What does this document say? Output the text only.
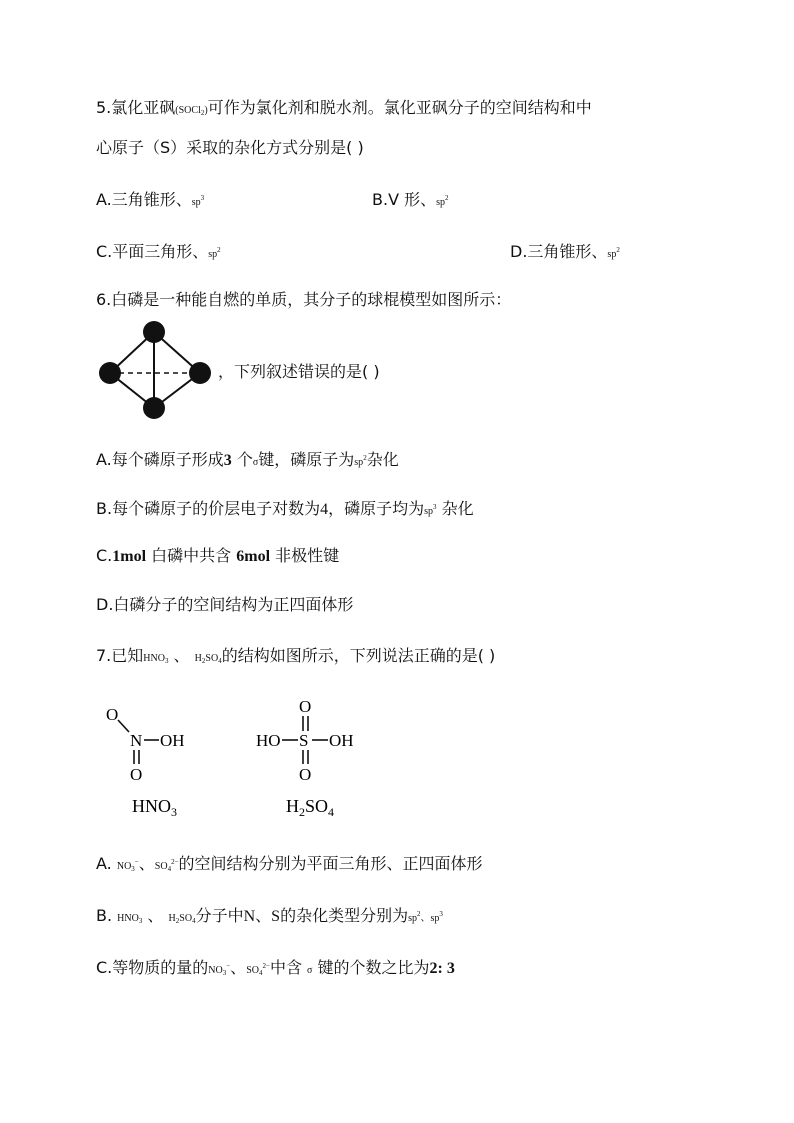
5.氯化亚砜(SOCl$_2$)可作为氯化剂和脱水剂。氯化亚砜分子的空间结构和中
心原子（S）采取的杂化方式分别是( )
A.三角锥形、$sp^3$	B.V 形、$sp^2$
C.平面三角形、$sp^2$	D.三角锥形、$sp^2$
6.白磷是一种能自燃的单质，其分子的球棍模型如图所示：
，下列叙述错误的是( )
A.每个磷原子形成3 个σ键，磷原子为$sp^2$杂化
B.每个磷原子的价层电子对数为4，磷原子均为$sp^3$ 杂化
C.1mol 白磷中共含 6mol 非极性键
D.白磷分子的空间结构为正四面体形
7.已知$HNO_3$ 、 $H_2SO_4$的结构如图所示，下列说法正确的是( )
O
N OH
O
$HNO_3$
O
HO S OH
O
$H_2SO_4$
A. $NO_3^-$、$SO_4^{2-}$的空间结构分别为平面三角形、正四面体形
B. $HNO_3$ 、 $H_2SO_4$分子中N、S的杂化类型分别为$sp^2$、$sp^3$
C.等物质的量的$NO_3^-$、$SO_4^{2-}$中含 σ 键的个数之比为2: 3
